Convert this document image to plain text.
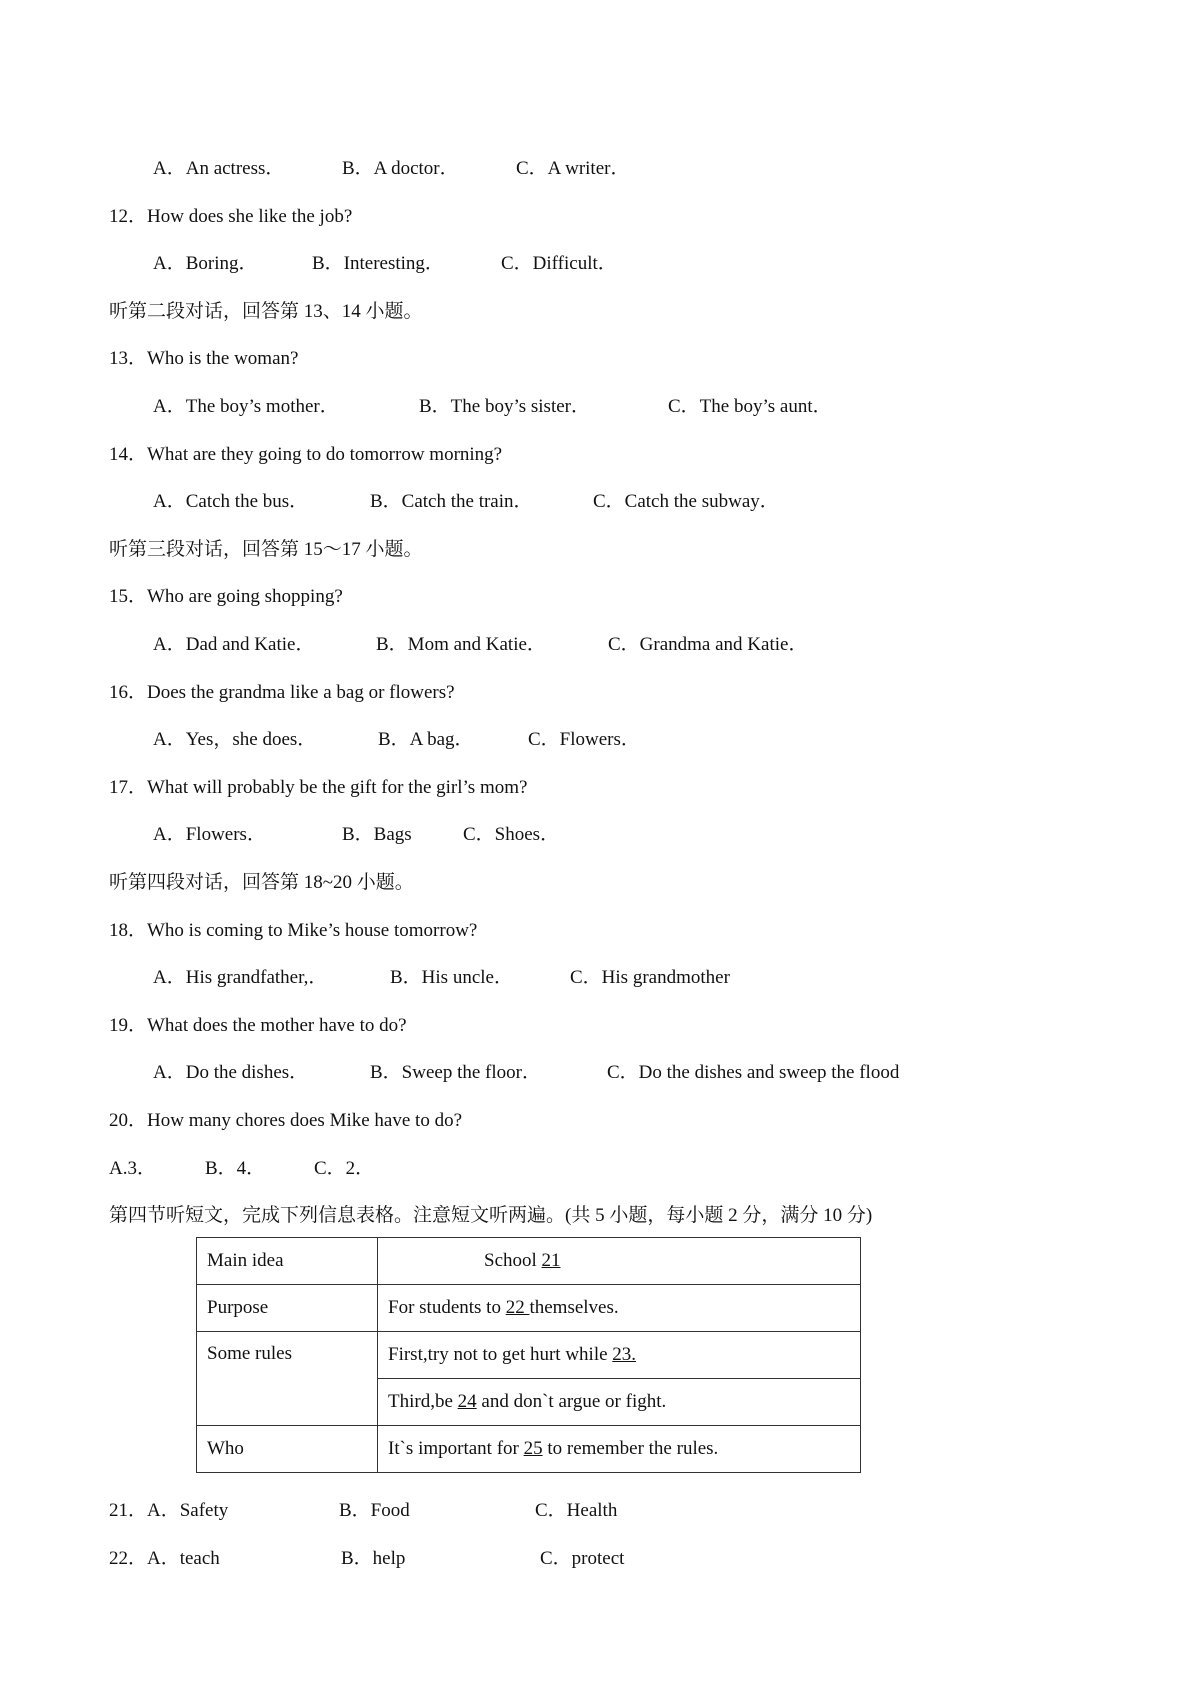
A．An actress．	B．A doctor．	C．A writer．
12．How does she like the job?
A．Boring．	B．Interesting．	C．Difficult．
听第二段对话，回答第 13、14 小题。
13．Who is the woman?
A．The boy’s mother．	B．The boy’s sister．	C．The boy’s aunt．
14．What are they going to do tomorrow morning?
A．Catch the bus．	B．Catch the train．	C．Catch the subway．
听第三段对话，回答第 15～17 小题。
15．Who are going shopping?
A．Dad and Katie．	B．Mom and Katie．	C．Grandma and Katie．
16．Does the grandma like a bag or flowers?
A．Yes，she does．	B．A bag．	C．Flowers．
17．What will probably be the gift for the girl’s mom?
A．Flowers．	B．Bags	C．Shoes．
听第四段对话，回答第 18~20 小题。
18．Who is coming to Mike’s house tomorrow?
A．His grandfather,．	B．His uncle．	C．His grandmother
19．What does the mother have to do?
A．Do the dishes．	B．Sweep the floor．	C．Do the dishes and sweep the flood
20．How many chores does Mike have to do?
A.3．	B．4．	C．2．
第四节听短文，完成下列信息表格。注意短文听两遍。(共 5 小题，每小题 2 分，满分 10 分)
21．A．Safety	B．Food	C．Health
22．A．teach	B．help	C．protect
Main idea	School 21
Purpose	For students to 22 themselves.
Some rules	First,try not to get hurt while 23.
	Third,be 24 and don`t argue or fight.
Who	It`s important for 25 to remember the rules.
